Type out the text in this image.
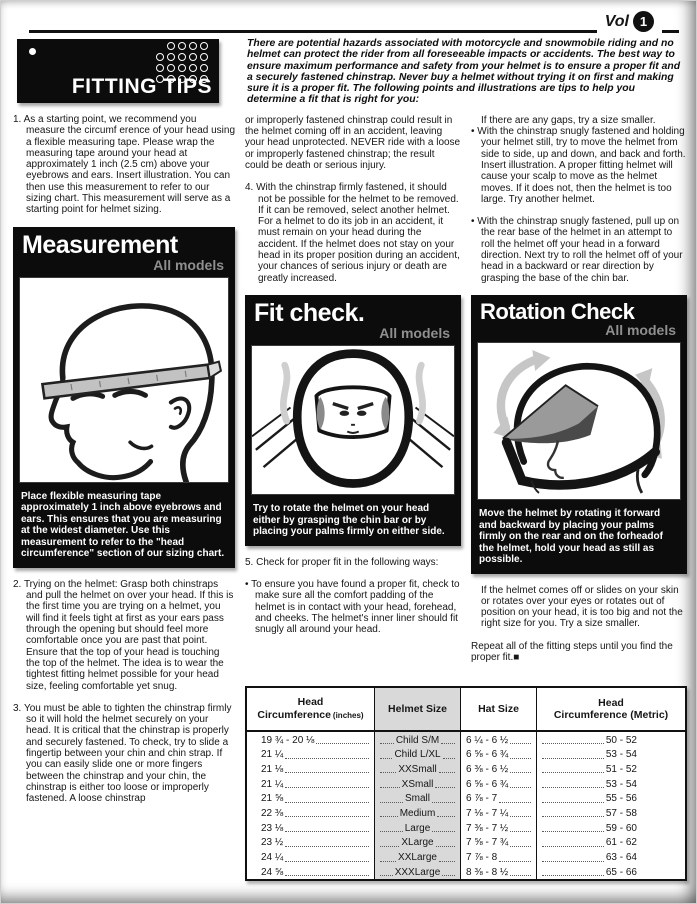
Vol 1
FITTING TIPS

1. As a starting point, we recommend you measure the circumf erence of your head using a flexible measuring tape. Please wrap the measuring tape around your head at approximately 1 inch (2.5 cm) above your eyebrows and ears. Insert illustration. You can then use this measurement to refer to our sizing chart. This measurement will serve as a starting point for helmet sizing.

Measurement
All models
Place flexible measuring tape approximately 1 inch above eyebrows and ears. This ensures that you are measuring at the widest diameter. Use this measurement to refer to the "head circumference" section of our sizing chart.

2. Trying on the helmet: Grasp both chinstraps and pull the helmet on over your head. If this is the first time you are trying on a helmet, you will find it feels tight at first as your ears pass through the opening but should feel more comfortable once you are past that point. Ensure that the top of your head is touching the top of the helmet. The idea is to wear the tightest fitting helmet possible for your head size, feeling comfortable yet snug.

3. You must be able to tighten the chinstrap firmly so it will hold the helmet securely on your head. It is critical that the chinstrap is properly and securely fastened. To check, try to slide a fingertip between your chin and chin strap. If you can easily slide one or more fingers between the chinstrap and your chin, the chinstrap is either too loose or improperly fastened. A loose chinstrap

There are potential hazards associated with motorcycle and snowmobile riding and no helmet can protect the rider from all foreseeable impacts or accidents. The best way to ensure maximum performance and safety from your helmet is to ensure a proper fit and a securely fastened chinstrap. Never buy a helmet without trying it on first and making sure it is a proper fit. The following points and illustrations are tips to help you determine a fit that is right for you:

or improperly fastened chinstrap could result in the helmet coming off in an accident, leaving your head unprotected. NEVER ride with a loose or improperly fastened chinstrap; the result could be death or serious injury.

4. With the chinstrap firmly fastened, it should not be possible for the helmet to be removed. If it can be removed, select another helmet. For a helmet to do its job in an accident, it must remain on your head during the accident. If the helmet does not stay on your head in its proper position during an accident, your chances of serious injury or death are greatly increased.

Fit check.
All models
Try to rotate the helmet on your head either by grasping the chin bar or by placing your palms firmly on either side.

5. Check for proper fit in the following ways:

• To ensure you have found a proper fit, check to make sure all the comfort padding of the helmet is in contact with your head, forehead, and cheeks. The helmet's inner liner should fit snugly all around your head.

If there are any gaps, try a size smaller.

• With the chinstrap snugly fastened and holding your helmet still, try to move the helmet from side to side, up and down, and back and forth. Insert illustration. A proper fitting helmet will cause your scalp to move as the helmet moves. If it does not, then the helmet is too large. Try another helmet.

• With the chinstrap snugly fastened, pull up on the rear base of the helmet in an attempt to roll the helmet off your head in a forward direction. Next try to roll the helmet off of your head in a backward or rear direction by grasping the base of the chin bar.

Rotation Check
All models
Move the helmet by rotating it forward and backward by placing your palms firmly on the rear and on the forheadof the helmet, hold your head as still as possible.

If the helmet comes off or slides on your skin or rotates over your eyes or rotates out of position on your head, it is too big and not the right size for you. Try a size smaller.

Repeat all of the fitting steps until you find the proper fit.■

Head
Circumference (inches)
Helmet Size	Hat Size
Head
Circumference (Metric)
19 ¾ - 20 ⅛	Child S/M	6 ¼ - 6 ½	50 - 52
21 ¼	Child L/XL	6 ⅝ - 6 ¾	53 - 54
21 ⅛	XXSmall	6 ⅜ - 6 ½	51 - 52
21 ¼	XSmall	6 ⅝ - 6 ¾	53 - 54
21 ⅝	Small	6 ⅞ - 7	55 - 56
22 ⅜	Medium	7 ⅛ - 7 ¼	57 - 58
23 ⅛	Large	7 ⅜ - 7 ½	59 - 60
23 ½	XLarge	7 ⅝ - 7 ¾	61 - 62
24 ¼	XXLarge	7 ⅞ - 8	63 - 64
24 ⅝	XXXLarge	8 ⅜ - 8 ½	65 - 66
